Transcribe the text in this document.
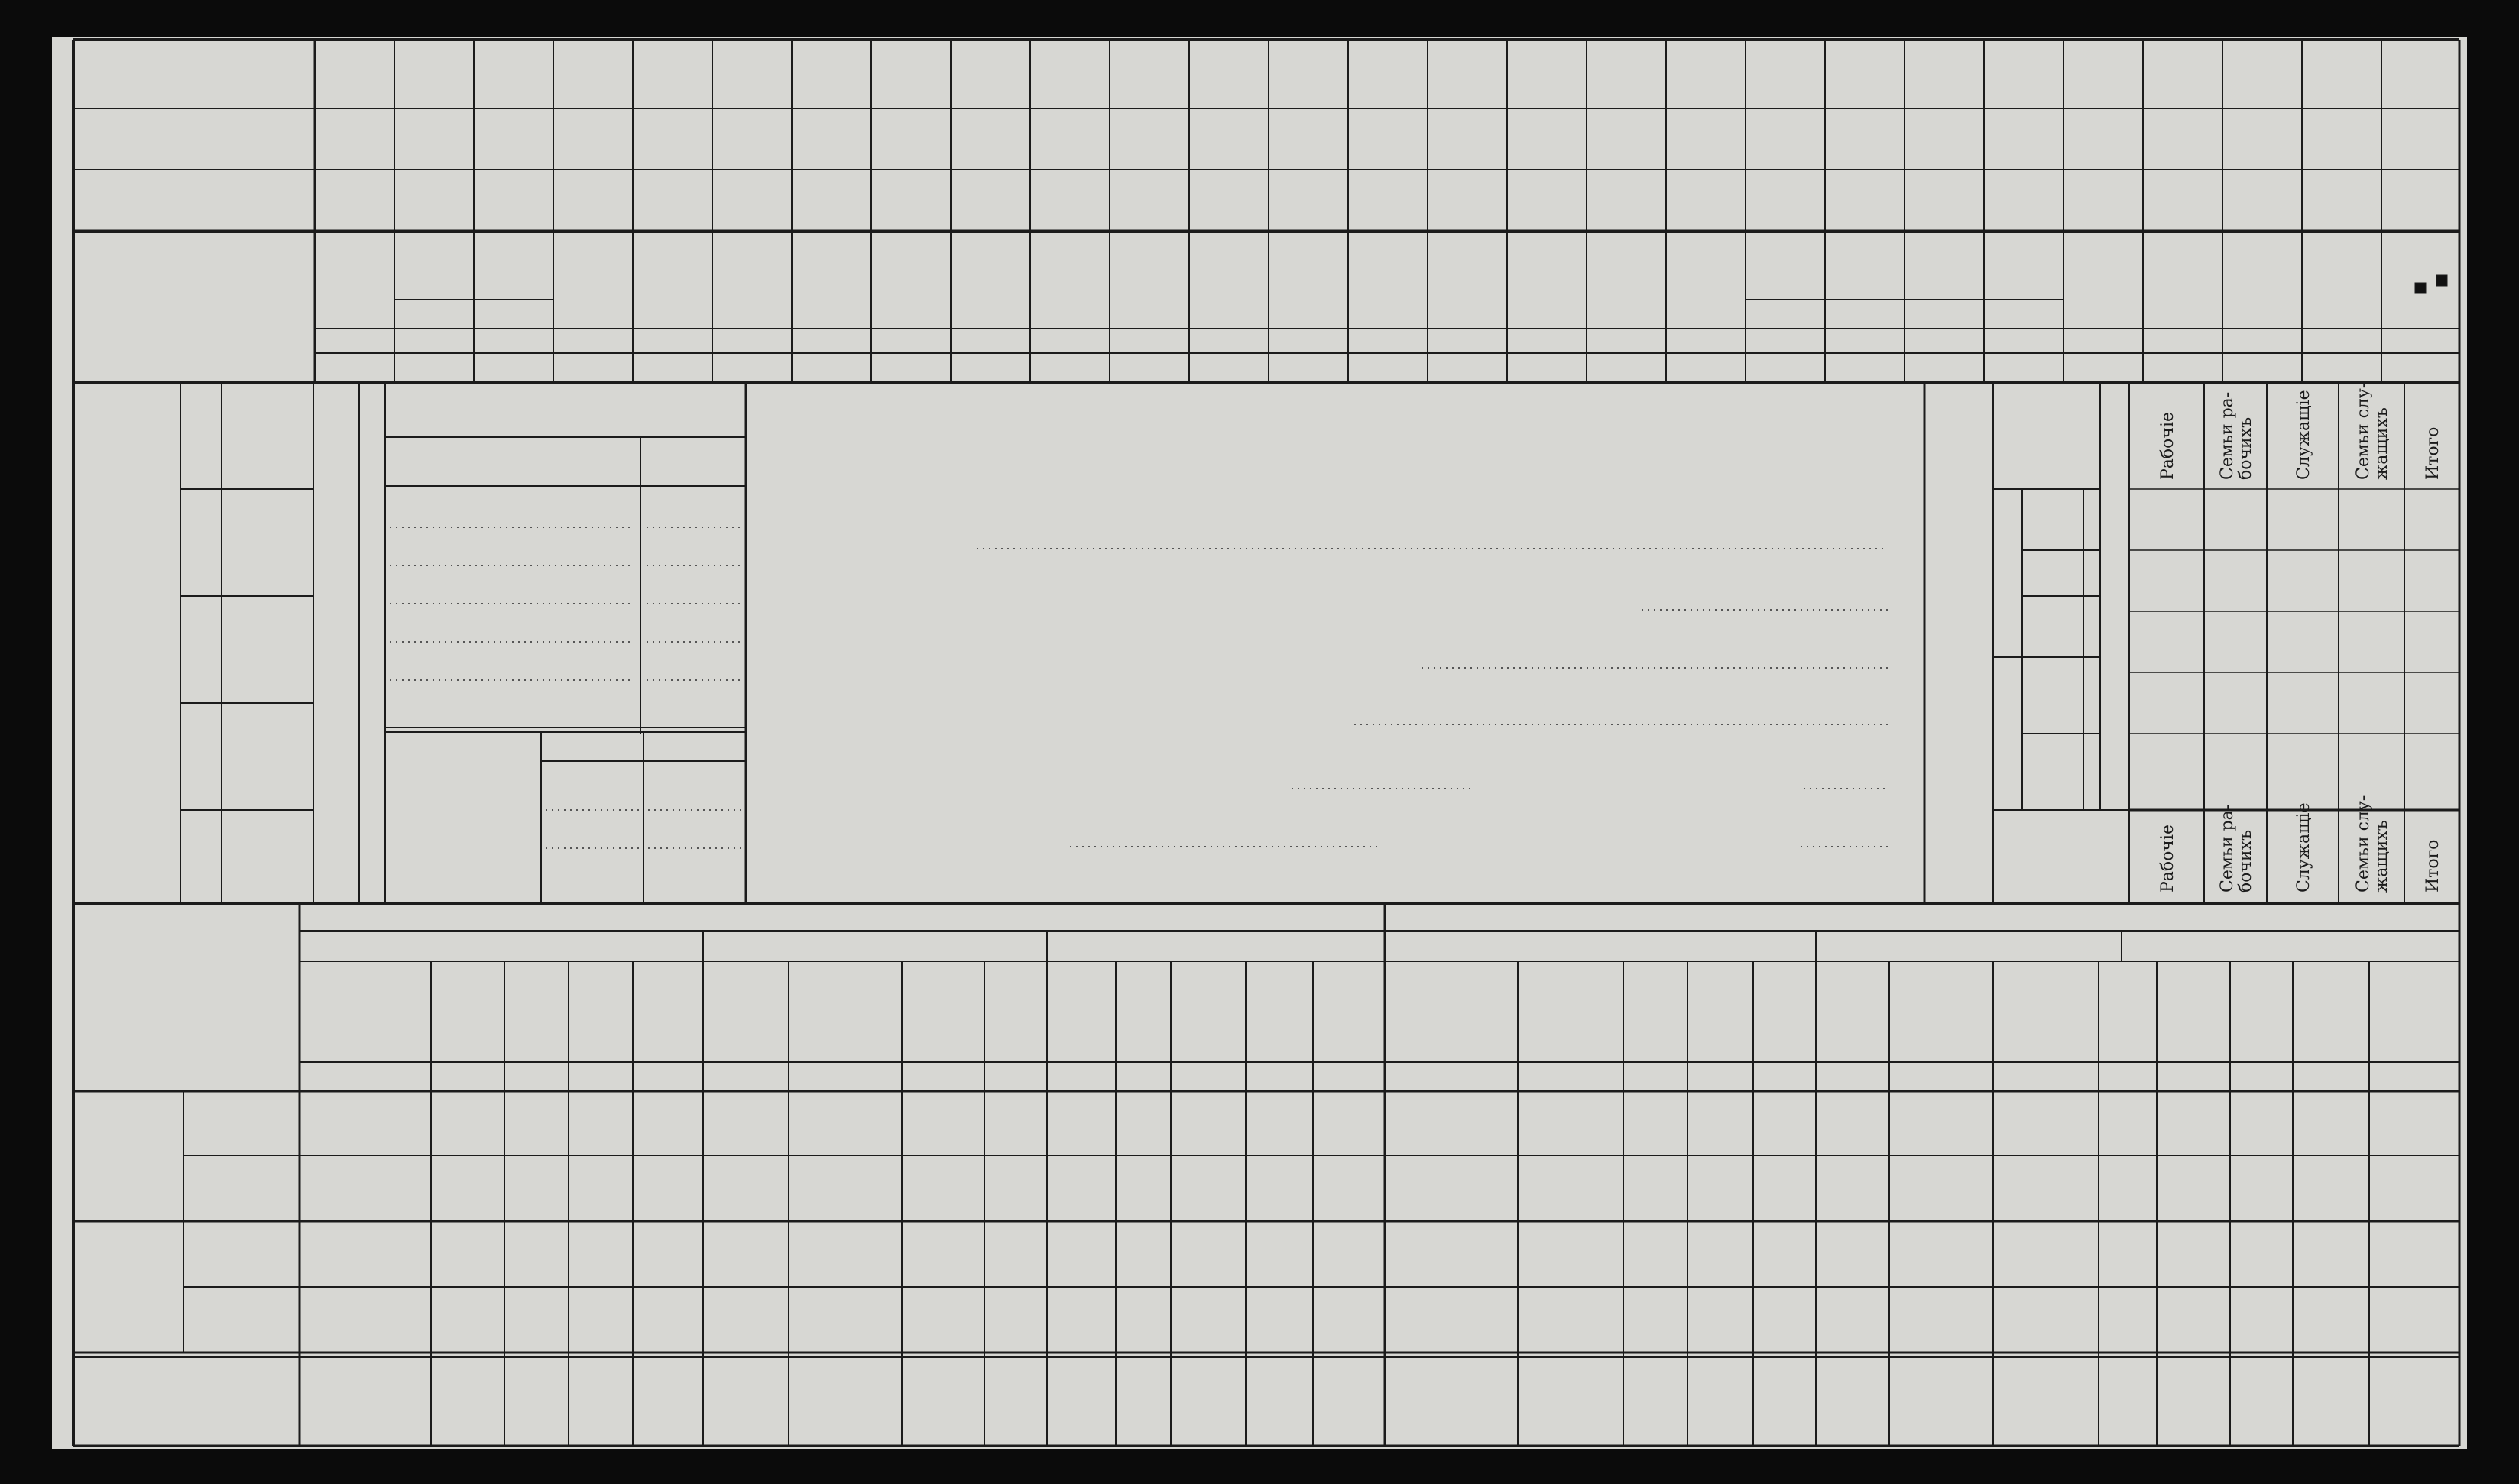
Рабочiе
Рабочiе
Семьи ра-
Семьи ра-
бочихъ
бочихъ
Служащiе
Служащiе
Семьи слу-
Семьи слу-
жащихъ
жащихъ
Итого
Итого
